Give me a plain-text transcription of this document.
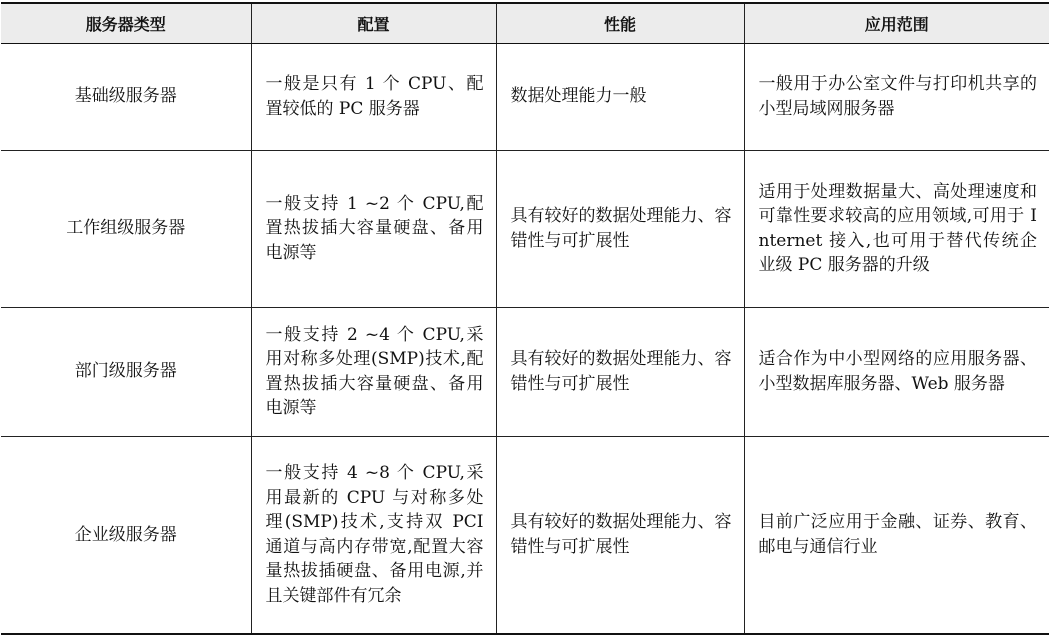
服务器类型	配置	性能	应用范围
基础级服务器	一般是只有 1 个 CPU、配置较低的 PC 服务器	数据处理能力一般	一般用于办公室文件与打印机共享的小型局域网服务器
工作组级服务器	一般支持 1 ~2 个 CPU,配置热拔插大容量硬盘、备用电源等	具有较好的数据处理能力、容错性与可扩展性	适用于处理数据量大、高处理速度和可靠性要求较高的应用领域,可用于 Internet 接入,也可用于替代传统企业级 PC 服务器的升级
部门级服务器	一般支持 2 ~4 个 CPU,采用对称多处理(SMP)技术,配置热拔插大容量硬盘、备用电源等	具有较好的数据处理能力、容错性与可扩展性	适合作为中小型网络的应用服务器、小型数据库服务器、Web 服务器
企业级服务器	一般支持 4 ~8 个 CPU,采用最新的 CPU 与对称多处理(SMP)技术,支持双 PCI 通道与高内存带宽,配置大容量热拔插硬盘、备用电源,并且关键部件有冗余	具有较好的数据处理能力、容错性与可扩展性	目前广泛应用于金融、证券、教育、邮电与通信行业
